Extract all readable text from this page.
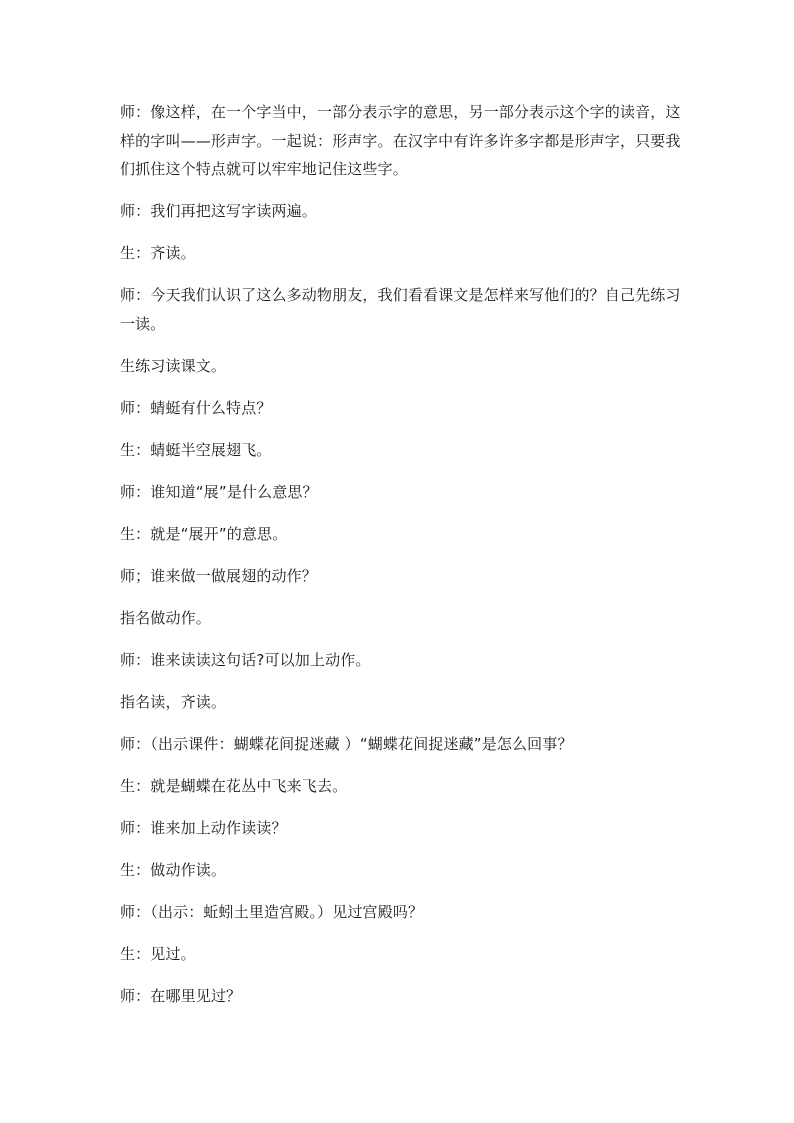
师：像这样，在一个字当中，一部分表示字的意思，另一部分表示这个字的读音，这样的字叫——形声字。一起说：形声字。在汉字中有许多许多字都是形声字，只要我们抓住这个特点就可以牢牢地记住这些字。

师：我们再把这写字读两遍。

生：齐读。

师：今天我们认识了这么多动物朋友，我们看看课文是怎样来写他们的？自己先练习一读。

生练习读课文。

师：蜻蜓有什么特点？

生：蜻蜓半空展翅飞。

师：谁知道“展”是什么意思？

生：就是“展开”的意思。

师；谁来做一做展翅的动作？

指名做动作。

师：谁来读读这句话?可以加上动作。

指名读，齐读。

师：（出示课件：蝴蝶花间捉迷藏 ）“蝴蝶花间捉迷藏”是怎么回事？

生：就是蝴蝶在花丛中飞来飞去。

师：谁来加上动作读读？

生：做动作读。

师：（出示：蚯蚓土里造宫殿。）见过宫殿吗？

生：见过。

师：在哪里见过？
